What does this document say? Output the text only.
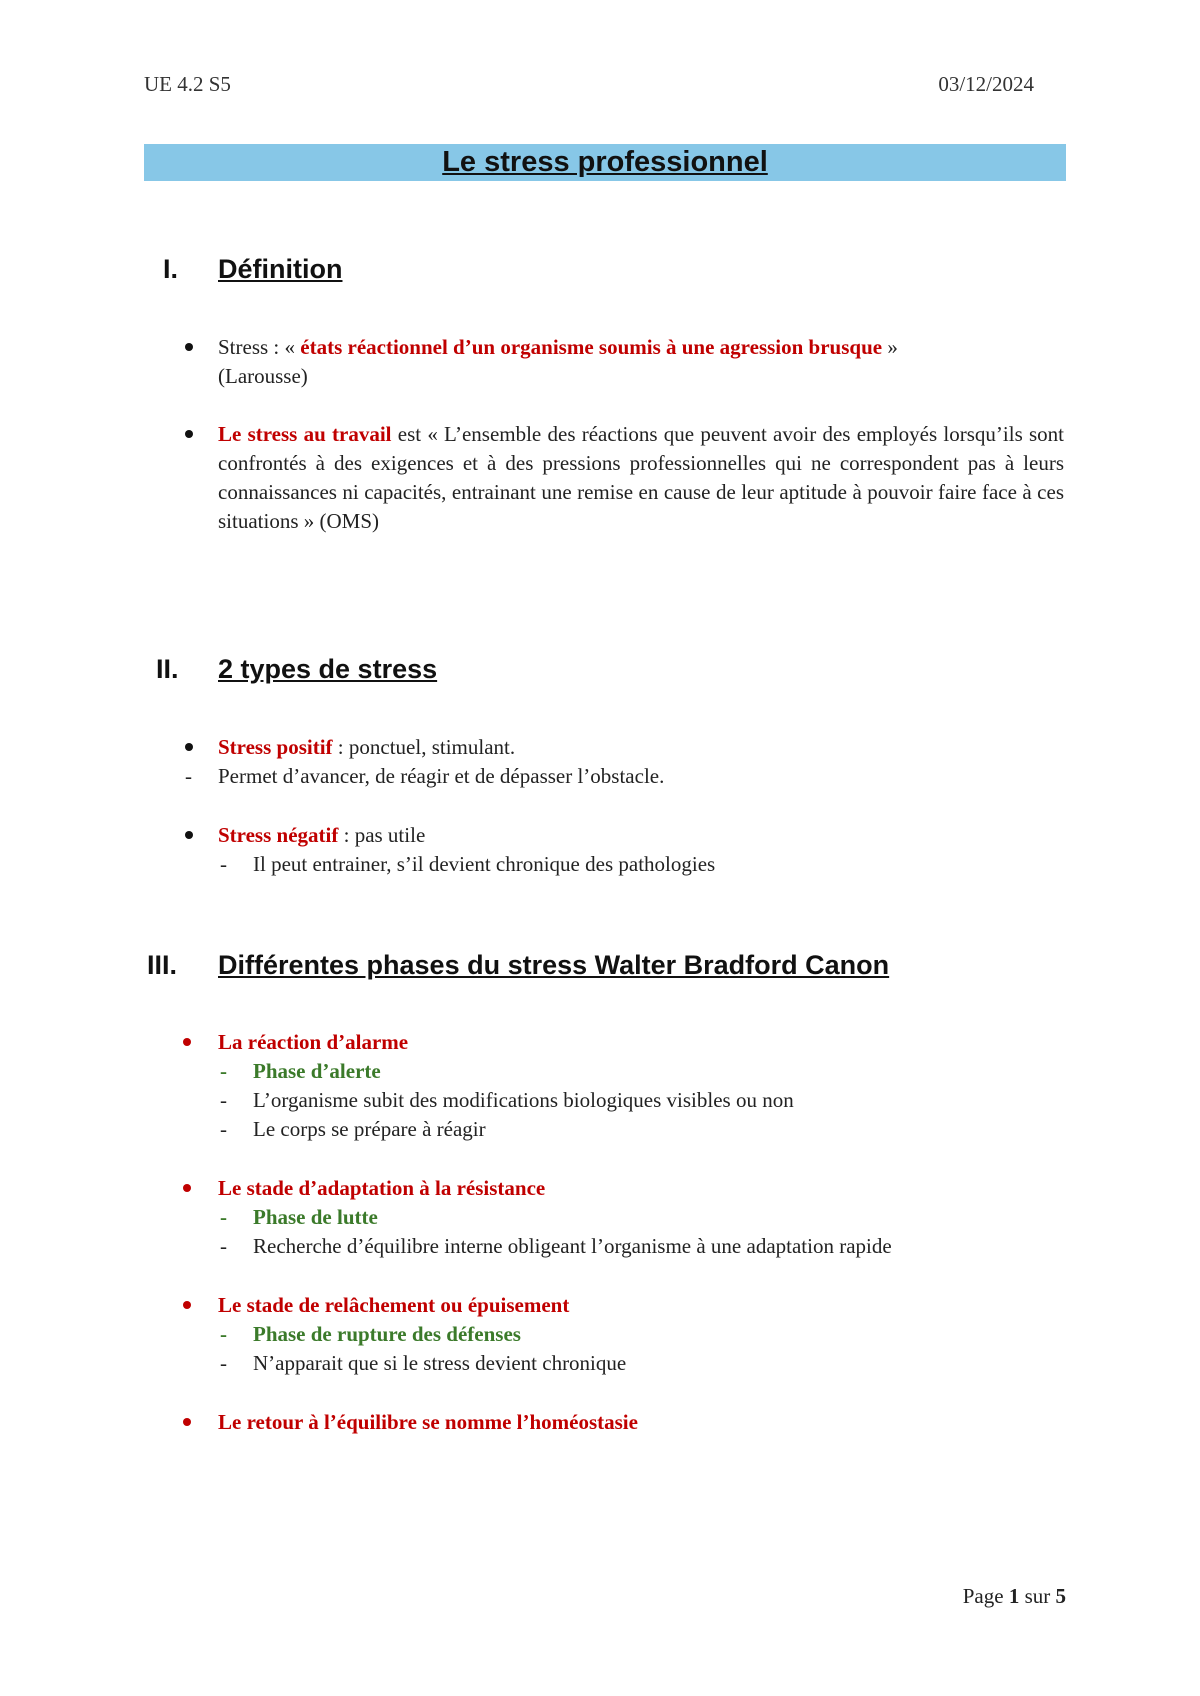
UE 4.2 S5	03/12/2024
Le stress professionnel
I. Définition
Stress : « états réactionnel d’un organisme soumis à une agression brusque »
(Larousse)
Le stress au travail est « L’ensemble des réactions que peuvent avoir des employés lorsqu’ils sont confrontés à des exigences et à des pressions professionnelles qui ne correspondent pas à leurs connaissances ni capacités, entrainant une remise en cause de leur aptitude à pouvoir faire face à ces situations » (OMS)
II. 2 types de stress
Stress positif : ponctuel, stimulant.
- Permet d’avancer, de réagir et de dépasser l’obstacle.
Stress négatif : pas utile
- Il peut entrainer, s’il devient chronique des pathologies
III. Différentes phases du stress Walter Bradford Canon
La réaction d’alarme
- Phase d’alerte
- L’organisme subit des modifications biologiques visibles ou non
- Le corps se prépare à réagir
Le stade d’adaptation à la résistance
- Phase de lutte
- Recherche d’équilibre interne obligeant l’organisme à une adaptation rapide
Le stade de relâchement ou épuisement
- Phase de rupture des défenses
- N’apparait que si le stress devient chronique
Le retour à l’équilibre se nomme l’homéostasie
Page 1 sur 5
